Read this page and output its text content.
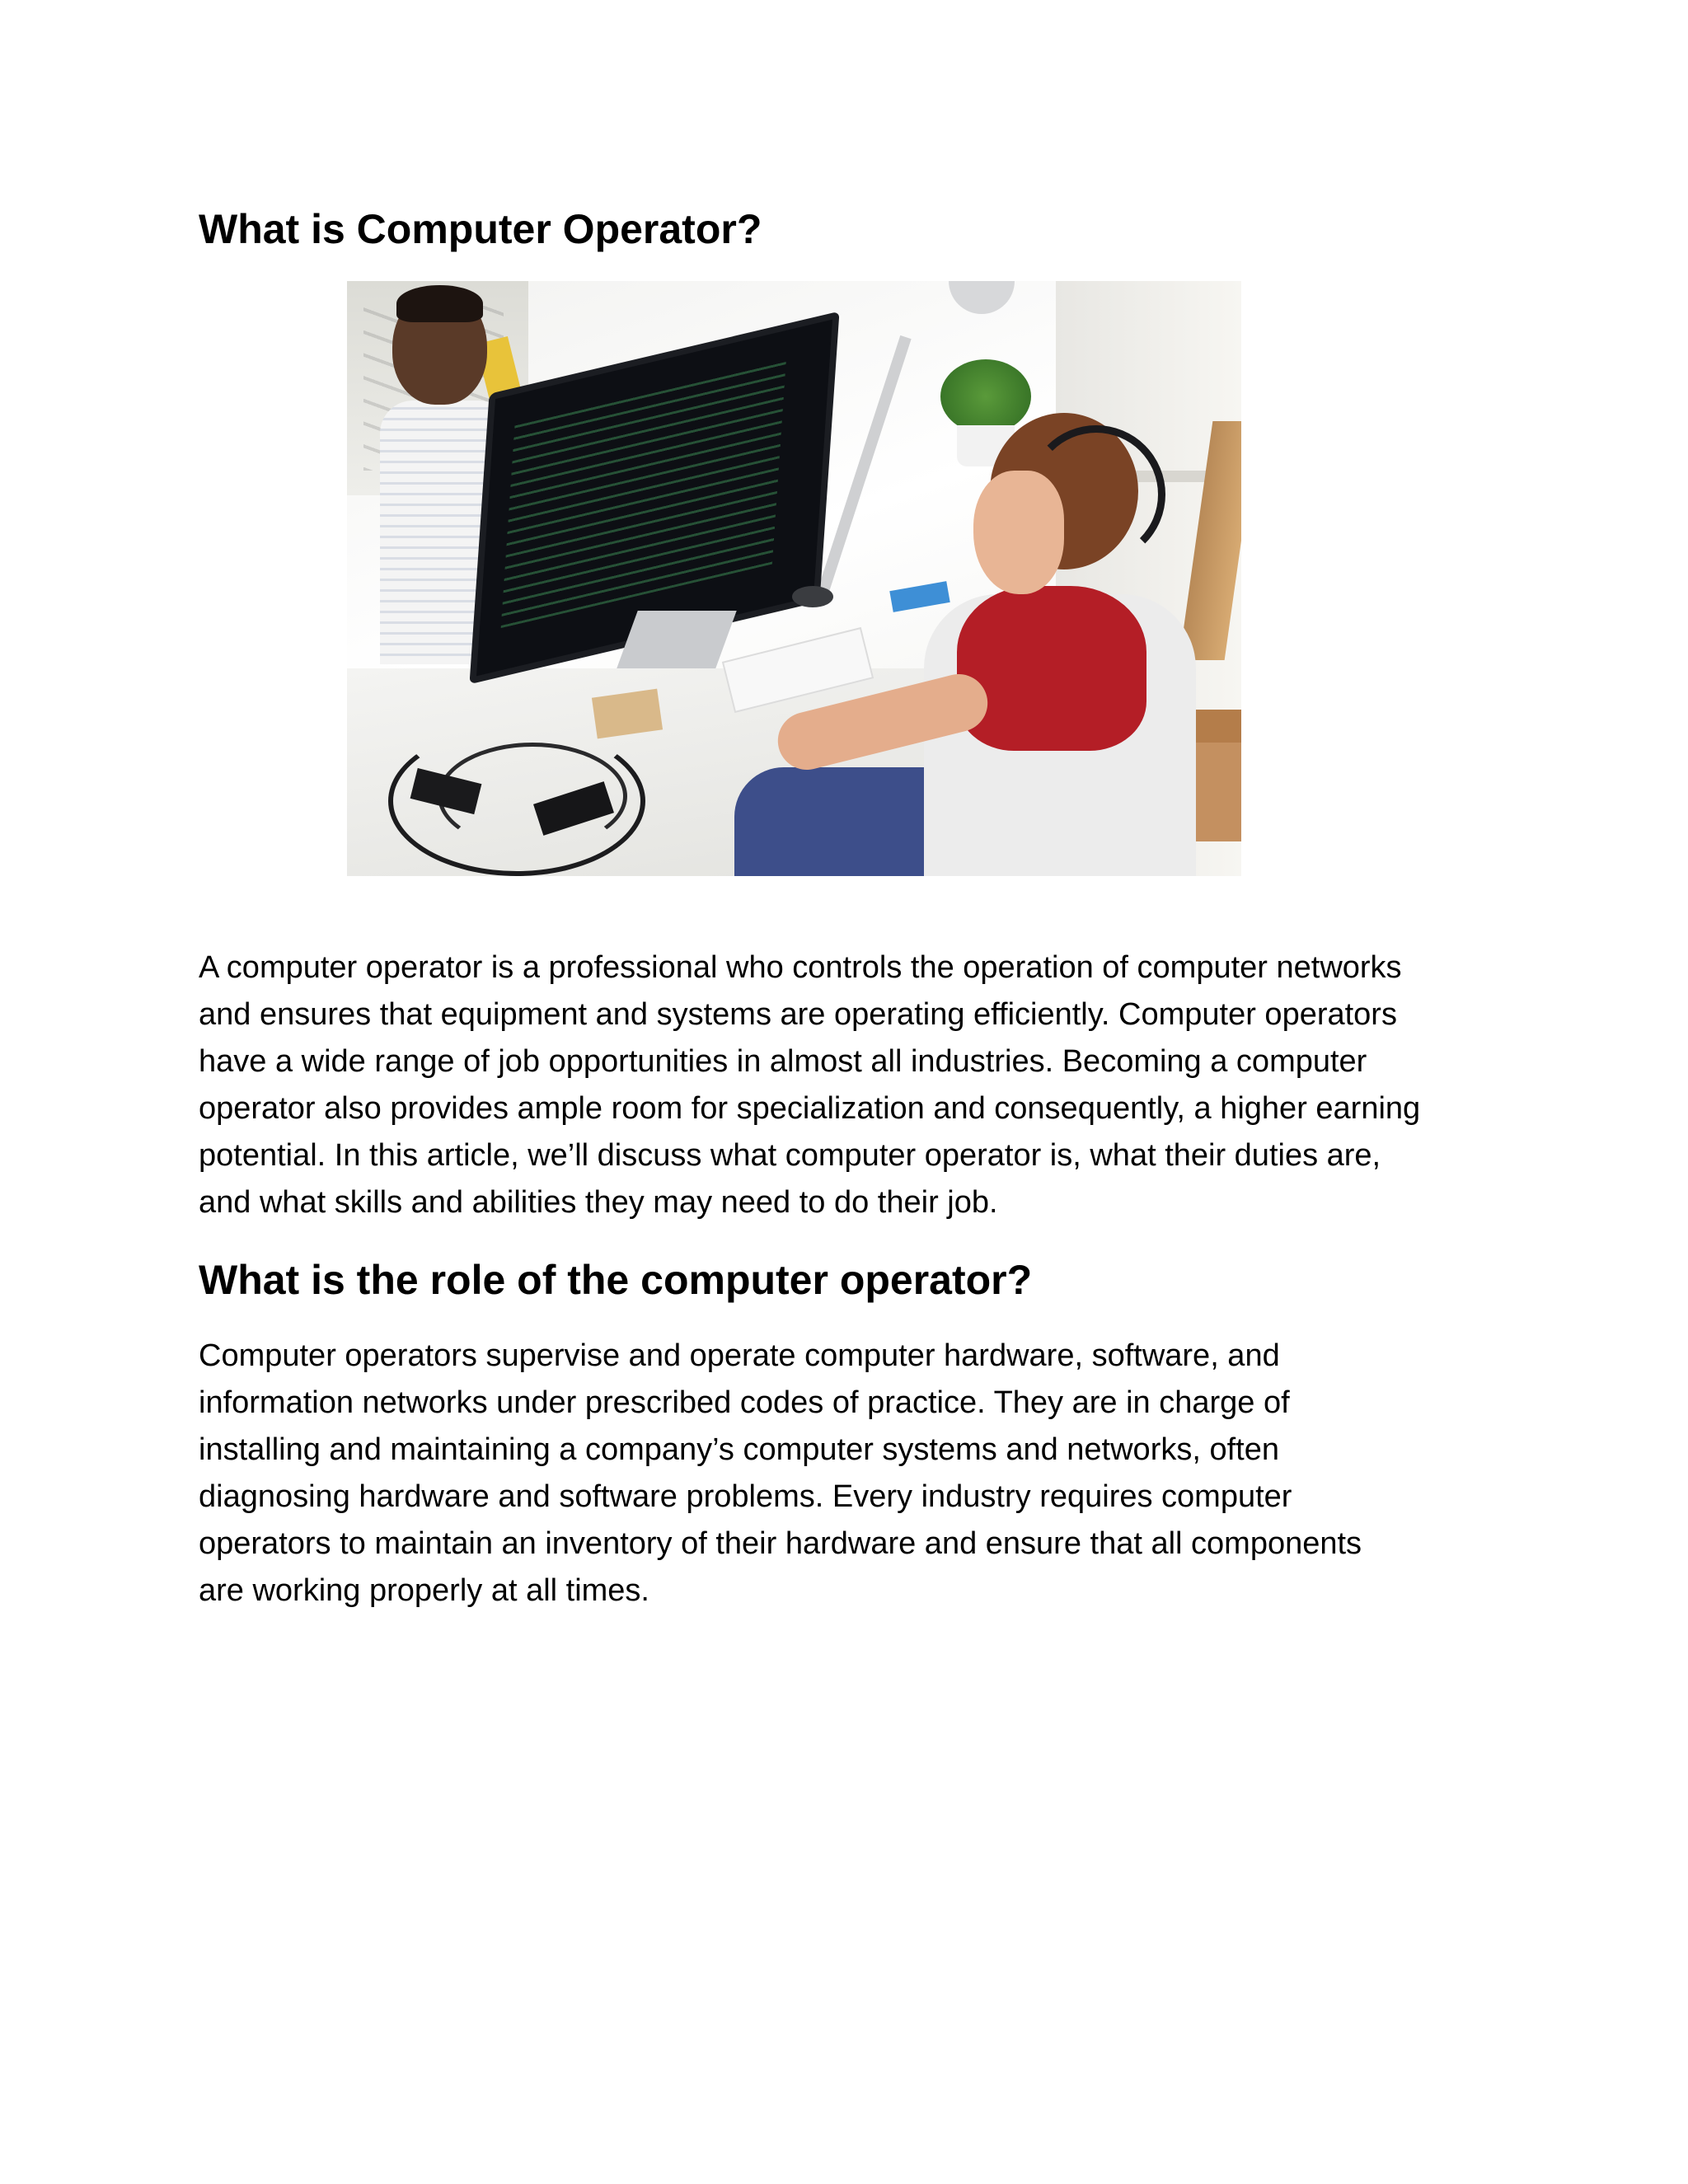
What is Computer Operator?
A computer operator is a professional who controls the operation of computer networks
and ensures that equipment and systems are operating efficiently. Computer operators
have a wide range of job opportunities in almost all industries. Becoming a computer
operator also provides ample room for specialization and consequently, a higher earning
potential. In this article, we’ll discuss what computer operator is, what their duties are,
and what skills and abilities they may need to do their job.
What is the role of the computer operator?
Computer operators supervise and operate computer hardware, software, and
information networks under prescribed codes of practice. They are in charge of
installing and maintaining a company’s computer systems and networks, often
diagnosing hardware and software problems. Every industry requires computer
operators to maintain an inventory of their hardware and ensure that all components
are working properly at all times.
